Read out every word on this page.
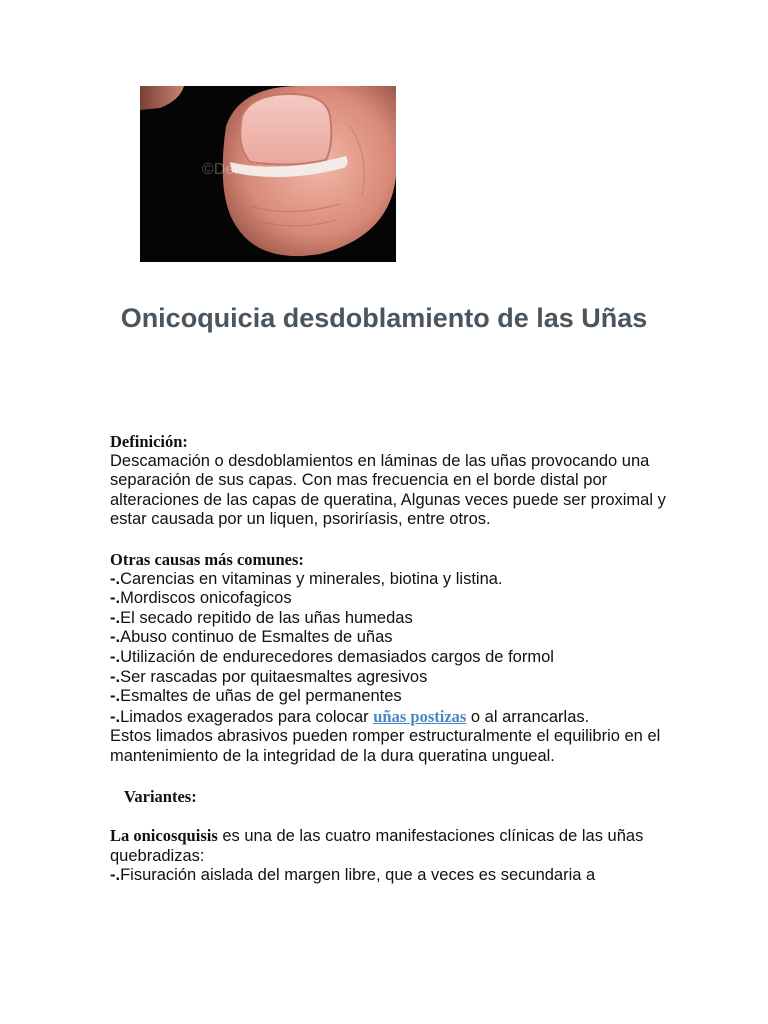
©Dermis.com
Onicoquicia desdoblamiento de las Uñas

Definición:

Descamación o desdoblamientos en láminas de las uñas provocando una separación de sus capas. Con mas frecuencia en el borde distal por alteraciones de las capas de queratina, Algunas veces puede ser proximal y estar causada por un liquen, psoriríasis, entre otros.

Otras causas más comunes:

-.Carencias en vitaminas y minerales, biotina y listina.

-.Mordiscos onicofagicos

-.El secado repitido de las uñas humedas

-.Abuso continuo de Esmaltes de uñas

-.Utilización de endurecedores demasiados cargos de formol

-.Ser rascadas por quitaesmaltes agresivos

-.Esmaltes de uñas de gel permanentes

-.Limados exagerados para colocar uñas postizas o al arrancarlas.

Estos limados abrasivos pueden romper estructuralmente el equilibrio en el mantenimiento de la integridad de la dura queratina ungueal.

Variantes:

La onicosquisis es una de las cuatro manifestaciones clínicas de las uñas quebradizas:

-.Fisuración aislada del margen libre, que a veces es secundaria a
